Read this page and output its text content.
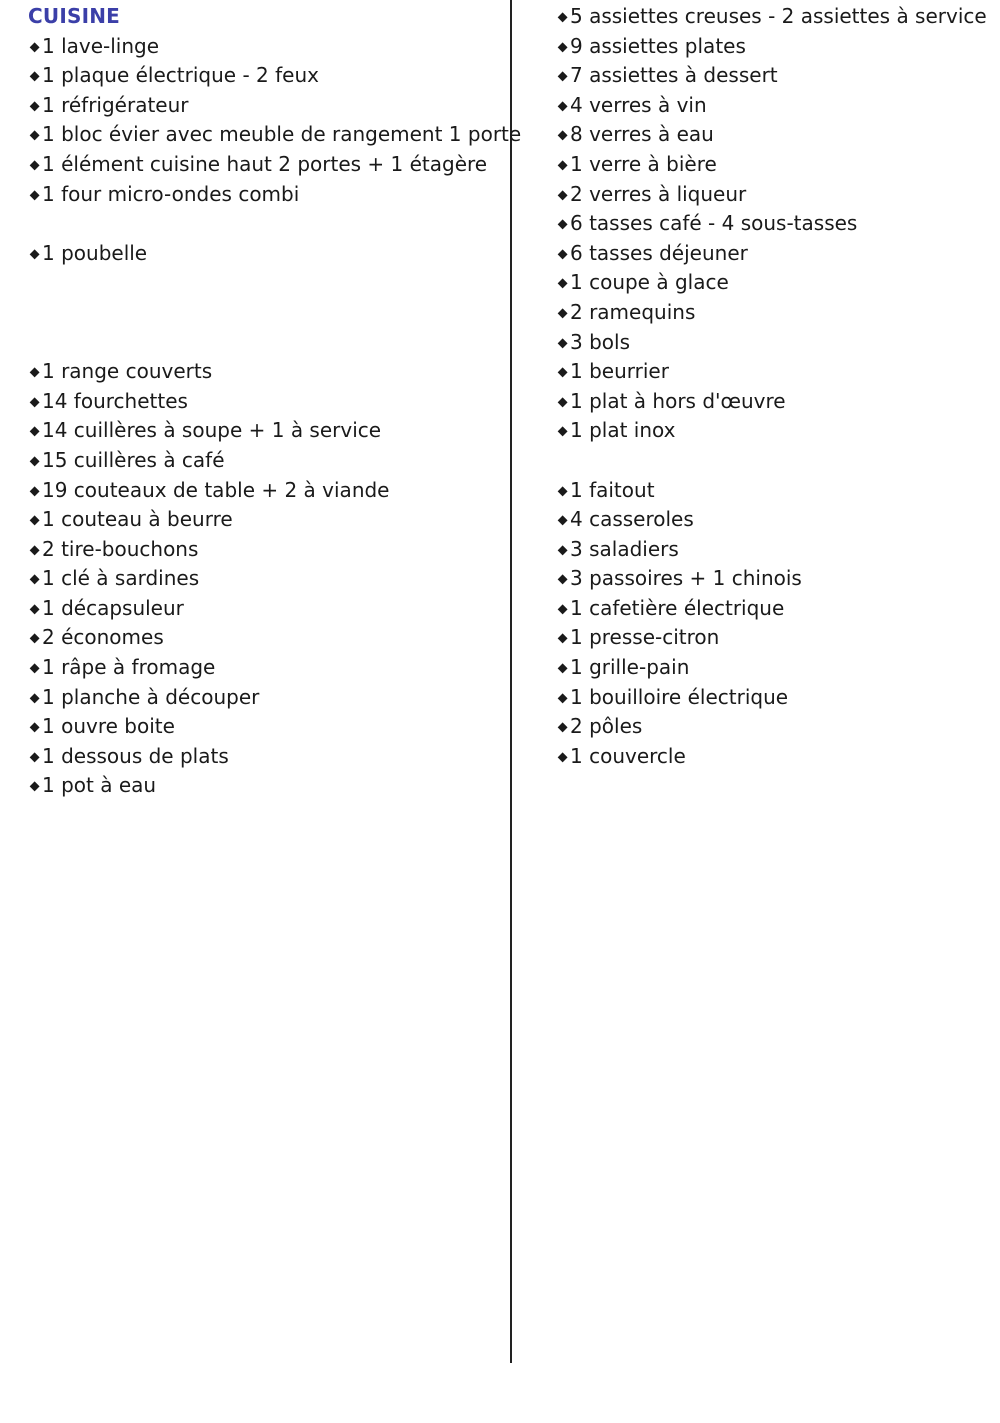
CUISINE
1 lave-linge
1 plaque électrique - 2 feux
1 réfrigérateur
1 bloc évier avec meuble de rangement 1 porte
1 élément cuisine haut 2 portes + 1 étagère
1 four micro-ondes combi
1 poubelle
1 range couverts
14 fourchettes
14 cuillères à soupe + 1 à service
15 cuillères à café
19 couteaux de table + 2 à viande
1 couteau à beurre
2 tire-bouchons
1 clé à sardines
1 décapsuleur
2 économes
1 râpe à fromage
1 planche à découper
1 ouvre boite
1 dessous de plats
1 pot à eau
5 assiettes creuses - 2 assiettes à service
9 assiettes plates
7 assiettes à dessert
4 verres à vin
8 verres à eau
1 verre à bière
2 verres à liqueur
6 tasses café - 4 sous-tasses
6 tasses déjeuner
1 coupe à glace
2 ramequins
3 bols
1 beurrier
1 plat à hors d'œuvre
1 plat inox
1 faitout
4 casseroles
3 saladiers
3 passoires + 1 chinois
1 cafetière électrique
1 presse-citron
1 grille-pain
1 bouilloire électrique
2 pôles
1 couvercle
